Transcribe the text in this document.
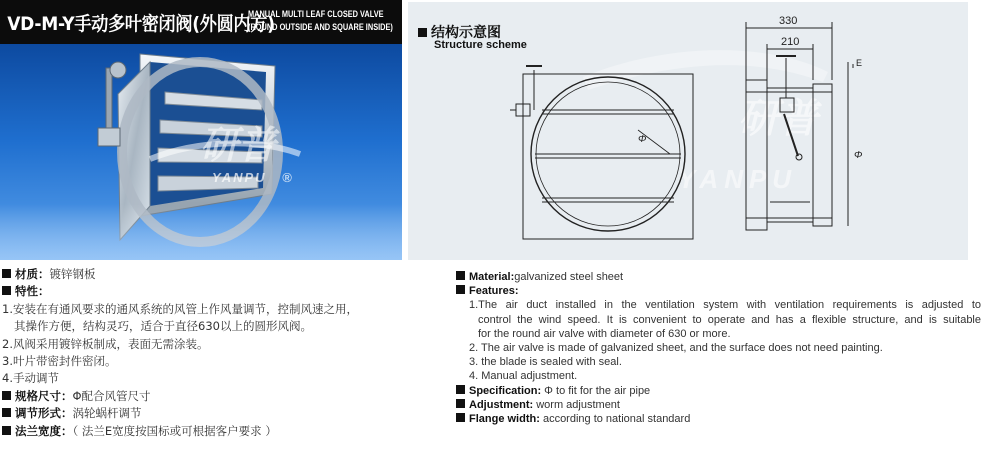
VD-M-Y手动多叶密闭阀(外圆内方)
MANUAL MULTI LEAF CLOSED VALVE
(ROUND OUTSIDE AND SQUARE INSIDE)
研普
YANPU ®
结构示意图
Structure scheme
研普
YANPU
Φ
330
210
Φ
E
材质：镀锌钢板
特性：
1.安装在有通风要求的通风系统的风管上作风量调节，控制风速之用，
其操作方便，结构灵巧，适合于直径630以上的圆形风阀。
2.风阀采用镀锌板制成，表面无需涂装。
3.叶片带密封件密闭。
4.手动调节
规格尺寸：Φ配合风管尺寸
调节形式：涡轮蜗杆调节
法兰宽度：（ 法兰E宽度按国标或可根据客户要求 ）
Material:galvanized steel sheet
Features:
1.The air duct installed in the ventilation system with ventilation requirements is adjusted to
control the wind speed. It is convenient to operate and has a flexible structure, and is suitable
for the round air valve with diameter of 630 or more.
2. The air valve is made of galvanized sheet, and the surface does not need painting.
3. the blade is sealed with seal.
4. Manual adjustment.
Specification: Φ to fit for the air pipe
Adjustment: worm adjustment
Flange width: according to national standard
